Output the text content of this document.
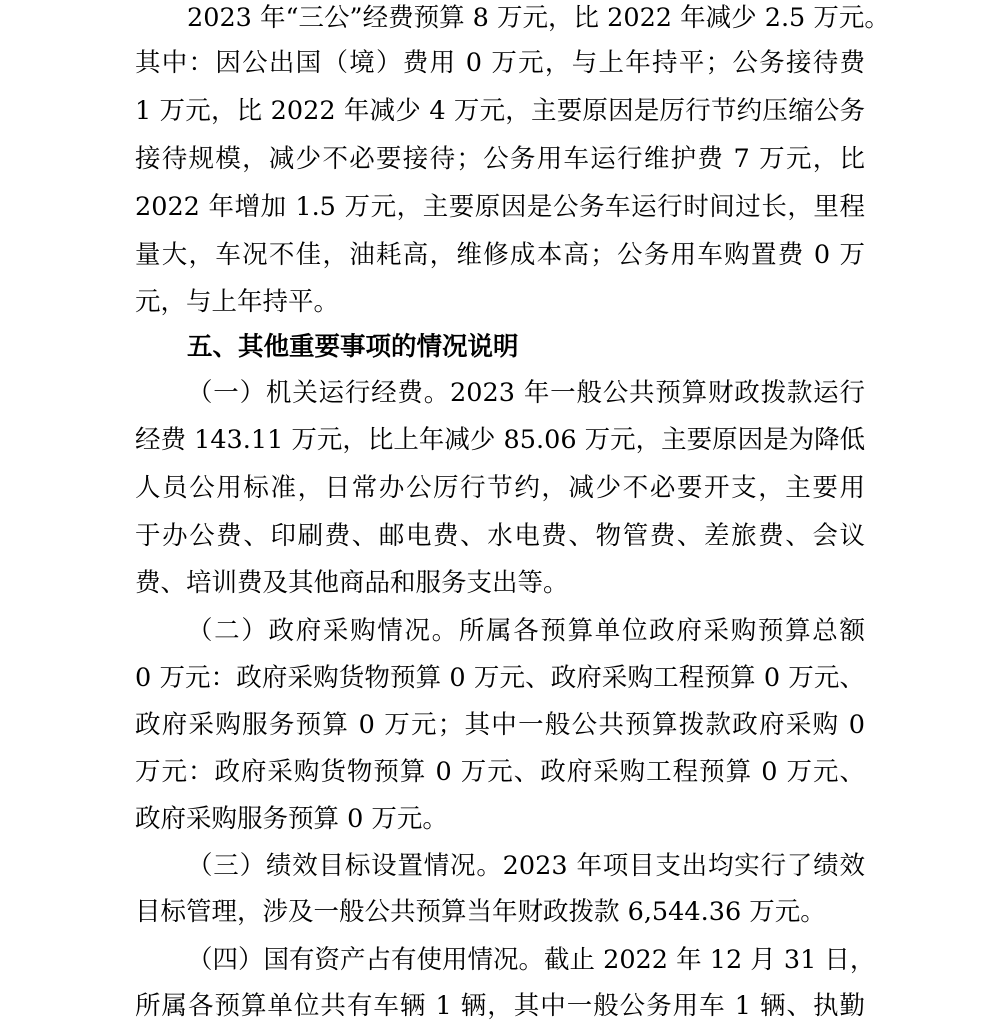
2023 年“三公”经费预算 8 万元，比 2022 年减少 2.5 万元。
其中：因公出国（境）费用 0 万元，与上年持平；公务接待费
1 万元，比 2022 年减少 4 万元，主要原因是厉行节约压缩公务
接待规模，减少不必要接待；公务用车运行维护费 7 万元，比
2022 年增加 1.5 万元，主要原因是公务车运行时间过长，里程
量大，车况不佳，油耗高，维修成本高；公务用车购置费 0 万
元，与上年持平。
五、其他重要事项的情况说明
（一）机关运行经费。2023 年一般公共预算财政拨款运行
经费 143.11 万元，比上年减少 85.06 万元，主要原因是为降低
人员公用标准，日常办公厉行节约，减少不必要开支，主要用
于办公费、印刷费、邮电费、水电费、物管费、差旅费、会议
费、培训费及其他商品和服务支出等。
（二）政府采购情况。所属各预算单位政府采购预算总额
0 万元：政府采购货物预算 0 万元、政府采购工程预算 0 万元、
政府采购服务预算 0 万元；其中一般公共预算拨款政府采购 0
万元：政府采购货物预算 0 万元、政府采购工程预算 0 万元、
政府采购服务预算 0 万元。
（三）绩效目标设置情况。2023 年项目支出均实行了绩效
目标管理，涉及一般公共预算当年财政拨款 6,544.36 万元。
（四）国有资产占有使用情况。截止 2022 年 12 月 31 日，
所属各预算单位共有车辆 1 辆，其中一般公务用车 1 辆、执勤
